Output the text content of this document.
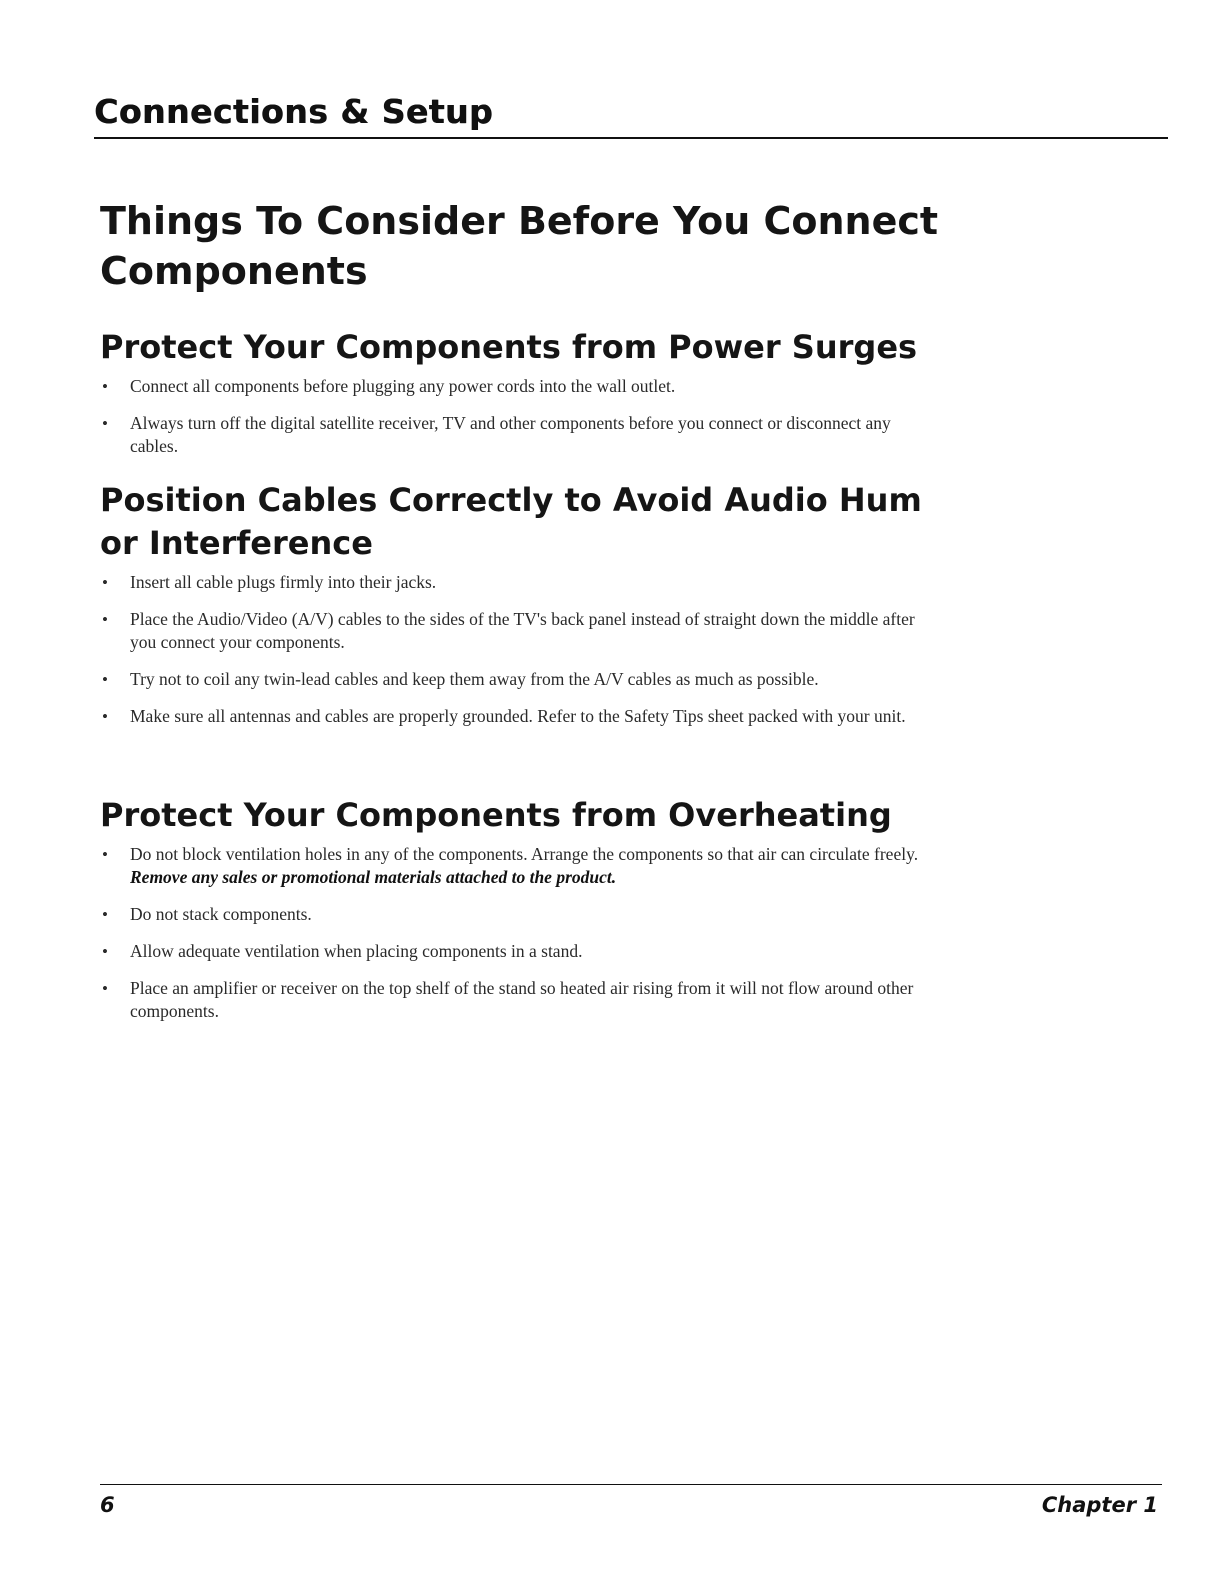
Connections & Setup
Things To Consider Before You Connect Components
Protect Your Components from Power Surges
• Connect all components before plugging any power cords into the wall outlet.
• Always turn off the digital satellite receiver, TV and other components before you connect or disconnect any cables.
Position Cables Correctly to Avoid Audio Hum or Interference
• Insert all cable plugs firmly into their jacks.
• Place the Audio/Video (A/V) cables to the sides of the TV's back panel instead of straight down the middle after you connect your components.
• Try not to coil any twin-lead cables and keep them away from the A/V cables as much as possible.
• Make sure all antennas and cables are properly grounded. Refer to the Safety Tips sheet packed with your unit.
Protect Your Components from Overheating
• Do not block ventilation holes in any of the components. Arrange the components so that air can circulate freely. Remove any sales or promotional materials attached to the product.
• Do not stack components.
• Allow adequate ventilation when placing components in a stand.
• Place an amplifier or receiver on the top shelf of the stand so heated air rising from it will not flow around other components.
6	Chapter 1
